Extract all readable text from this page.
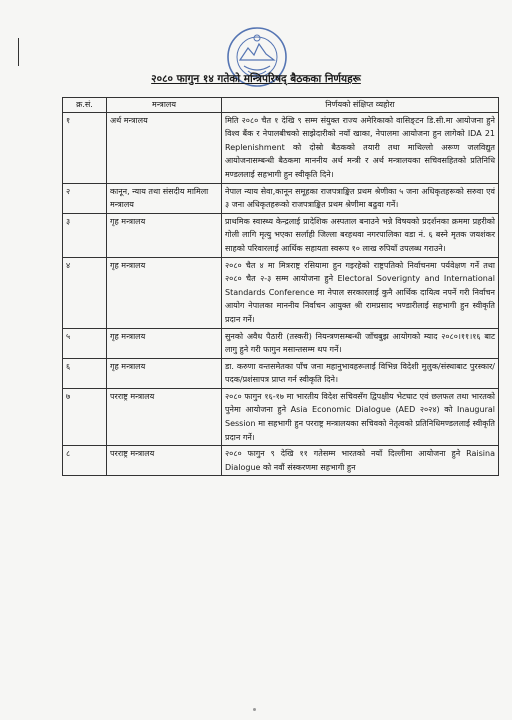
२०८० फागुन १४ गतेको मन्त्रिपरिषद् बैठकका निर्णयहरू
क्र.सं.	मन्त्रालय	निर्णयको संक्षिप्त व्यहोरा
१	अर्थ मन्त्रालय	मिति २०८० चैत १ देखि ९ सम्म संयुक्त राज्य अमेरिकाको वासिङ्टन डि.सी.मा आयोजना हुने विश्व बैंक र नेपालबीचको साझेदारीको नयाँ खाका, नेपालमा आयोजना हुन लागेको IDA 21 Replenishment को दोस्रो बैठकको तयारी तथा माथिल्लो अरूण जलविद्युत आयोजनासम्बन्धी बैठकमा माननीय अर्थ मन्त्री र अर्थ मन्त्रालयका सचिवसहितको प्रतिनिधि मण्डललाई सहभागी हुन स्वीकृति दिने।
२	कानून, न्याय तथा संसदीय मामिला मन्त्रालय	नेपाल न्याय सेवा,कानून समूहका राजपत्राङ्कित प्रथम श्रेणीका ५ जना अधिकृतहरूको सरुवा एवं ३ जना अधिकृतहरूको राजपत्राङ्कित प्रथम श्रेणीमा बढुवा गर्ने।
३	गृह मन्त्रालय	प्राथमिक स्वास्थ्य केन्द्रलाई प्रादेशिक अस्पताल बनाउने भन्ने विषयको प्रदर्शनका क्रममा प्रहरीको गोली लागि मृत्यु भएका सर्लाही जिल्ला बरहथवा नगरपालिका वडा नं. ६ बस्ने मृतक जयशंकर साहको परिवारलाई आर्थिक सहायता स्वरूप १० लाख रुपियाँ उपलब्ध गराउने।
४	गृह मन्त्रालय	२०८० चैत ४ मा मित्रराष्ट्र रसियामा हुन गइरहेको राष्ट्रपतिको निर्वाचनमा पर्यवेक्षण गर्ने तथा २०८० चैत २-३ सम्म आयोजना हुने Electoral Soverignty and International Standards Conference मा नेपाल सरकारलाई कुनै आर्थिक दायित्व नपर्ने गरी निर्वाचन आयोग नेपालका माननीय निर्वाचन आयुक्त श्री रामप्रसाद भण्डारीलाई सहभागी हुन स्वीकृति प्रदान गर्ने।
५	गृह मन्त्रालय	सुनको अवैध पैठारी (तस्करी) नियन्त्रणसम्बन्धी जाँचबुझ आयोगको म्याद २०८०।११।१६ बाट लागु हुने गरी फागुन मसान्तसम्म थप गर्ने।
६	गृह मन्त्रालय	डा. करुणा वन्तसमेतका पाँच जना महानुभावहरूलाई विभिन्न विदेशी मुलुक/संस्थाबाट पुरस्कार/पदक/प्रशंसापत्र प्राप्त गर्न स्वीकृति दिने।
७	परराष्ट्र मन्त्रालय	२०८० फागुन १६-१७ मा भारतीय विदेश सचिवसँग द्विपक्षीय भेटघाट एवं छलफल तथा भारतको पुनेमा आयोजना हुने Asia Economic Dialogue (AED २०२४) को Inaugural Session मा सहभागी हुन परराष्ट्र मन्त्रालयका सचिवको नेतृत्वको प्रतिनिधिमण्डललाई स्वीकृति प्रदान गर्ने।
८	परराष्ट्र मन्त्रालय	२०८० फागुन ९ देखि ११ गतेसम्म भारतको नयाँ दिल्लीमा आयोजना हुने Raisina Dialogue को नवौं संस्करणमा सहभागी हुन
